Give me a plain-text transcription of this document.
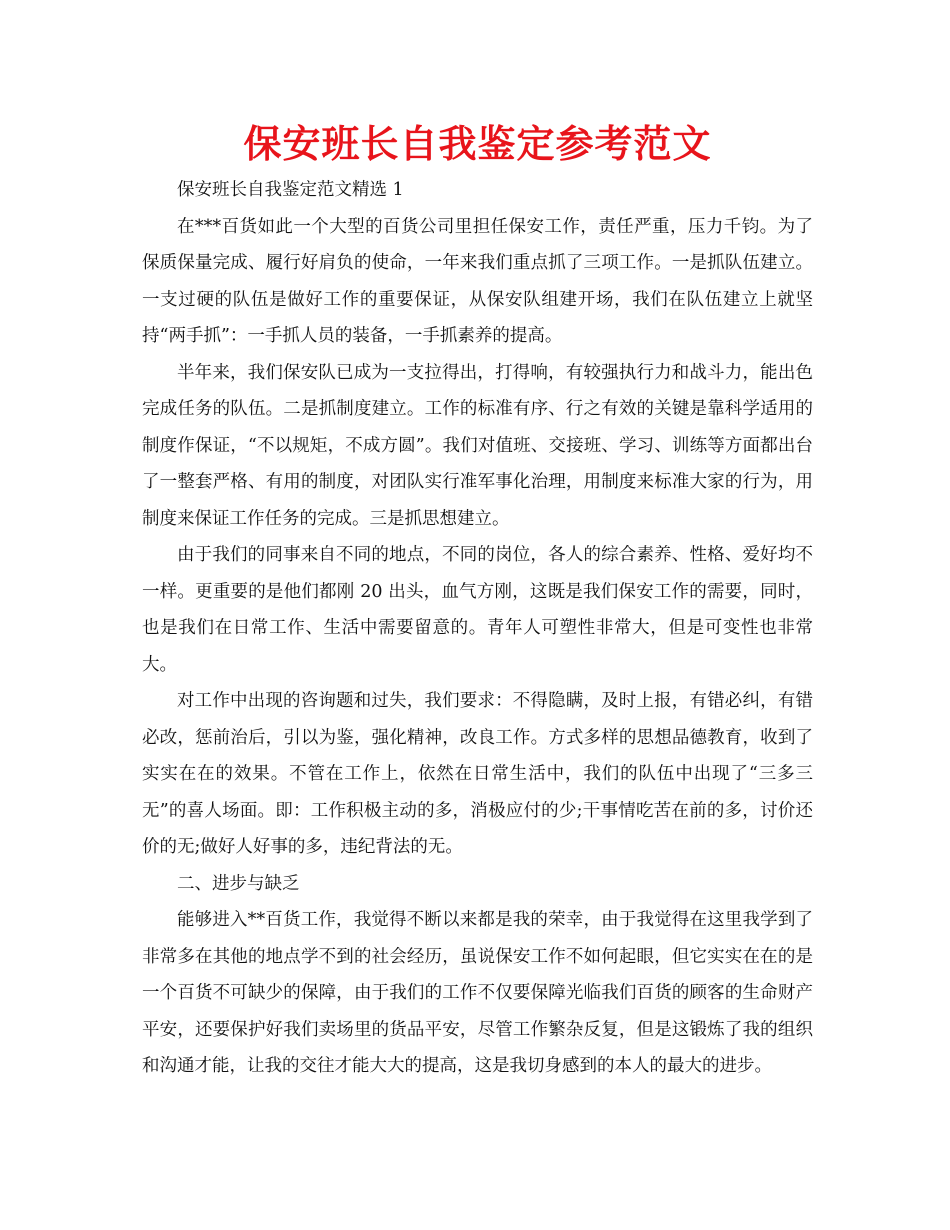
保安班长自我鉴定参考范文

保安班长自我鉴定范文精选 1

在***百货如此一个大型的百货公司里担任保安工作，责任严重，压力千钧。为了保质保量完成、履行好肩负的使命，一年来我们重点抓了三项工作。一是抓队伍建立。一支过硬的队伍是做好工作的重要保证，从保安队组建开场，我们在队伍建立上就坚持“两手抓”：一手抓人员的装备，一手抓素养的提高。

半年来，我们保安队已成为一支拉得出，打得响，有较强执行力和战斗力，能出色完成任务的队伍。二是抓制度建立。工作的标准有序、行之有效的关键是靠科学适用的制度作保证，“不以规矩，不成方圆”。我们对值班、交接班、学习、训练等方面都出台了一整套严格、有用的制度，对团队实行准军事化治理，用制度来标准大家的行为，用制度来保证工作任务的完成。三是抓思想建立。

由于我们的同事来自不同的地点，不同的岗位，各人的综合素养、性格、爱好均不一样。更重要的是他们都刚 20 出头，血气方刚，这既是我们保安工作的需要，同时，也是我们在日常工作、生活中需要留意的。青年人可塑性非常大，但是可变性也非常大。

对工作中出现的咨询题和过失，我们要求：不得隐瞒，及时上报，有错必纠，有错必改，惩前治后，引以为鉴，强化精神，改良工作。方式多样的思想品德教育，收到了实实在在的效果。不管在工作上，依然在日常生活中，我们的队伍中出现了“三多三无”的喜人场面。即：工作积极主动的多，消极应付的少;干事情吃苦在前的多，讨价还价的无;做好人好事的多，违纪背法的无。

二、进步与缺乏

能够进入**百货工作，我觉得不断以来都是我的荣幸，由于我觉得在这里我学到了非常多在其他的地点学不到的社会经历，虽说保安工作不如何起眼，但它实实在在的是一个百货不可缺少的保障，由于我们的工作不仅要保障光临我们百货的顾客的生命财产平安，还要保护好我们卖场里的货品平安，尽管工作繁杂反复，但是这锻炼了我的组织和沟通才能，让我的交往才能大大的提高，这是我切身感到的本人的最大的进步。
